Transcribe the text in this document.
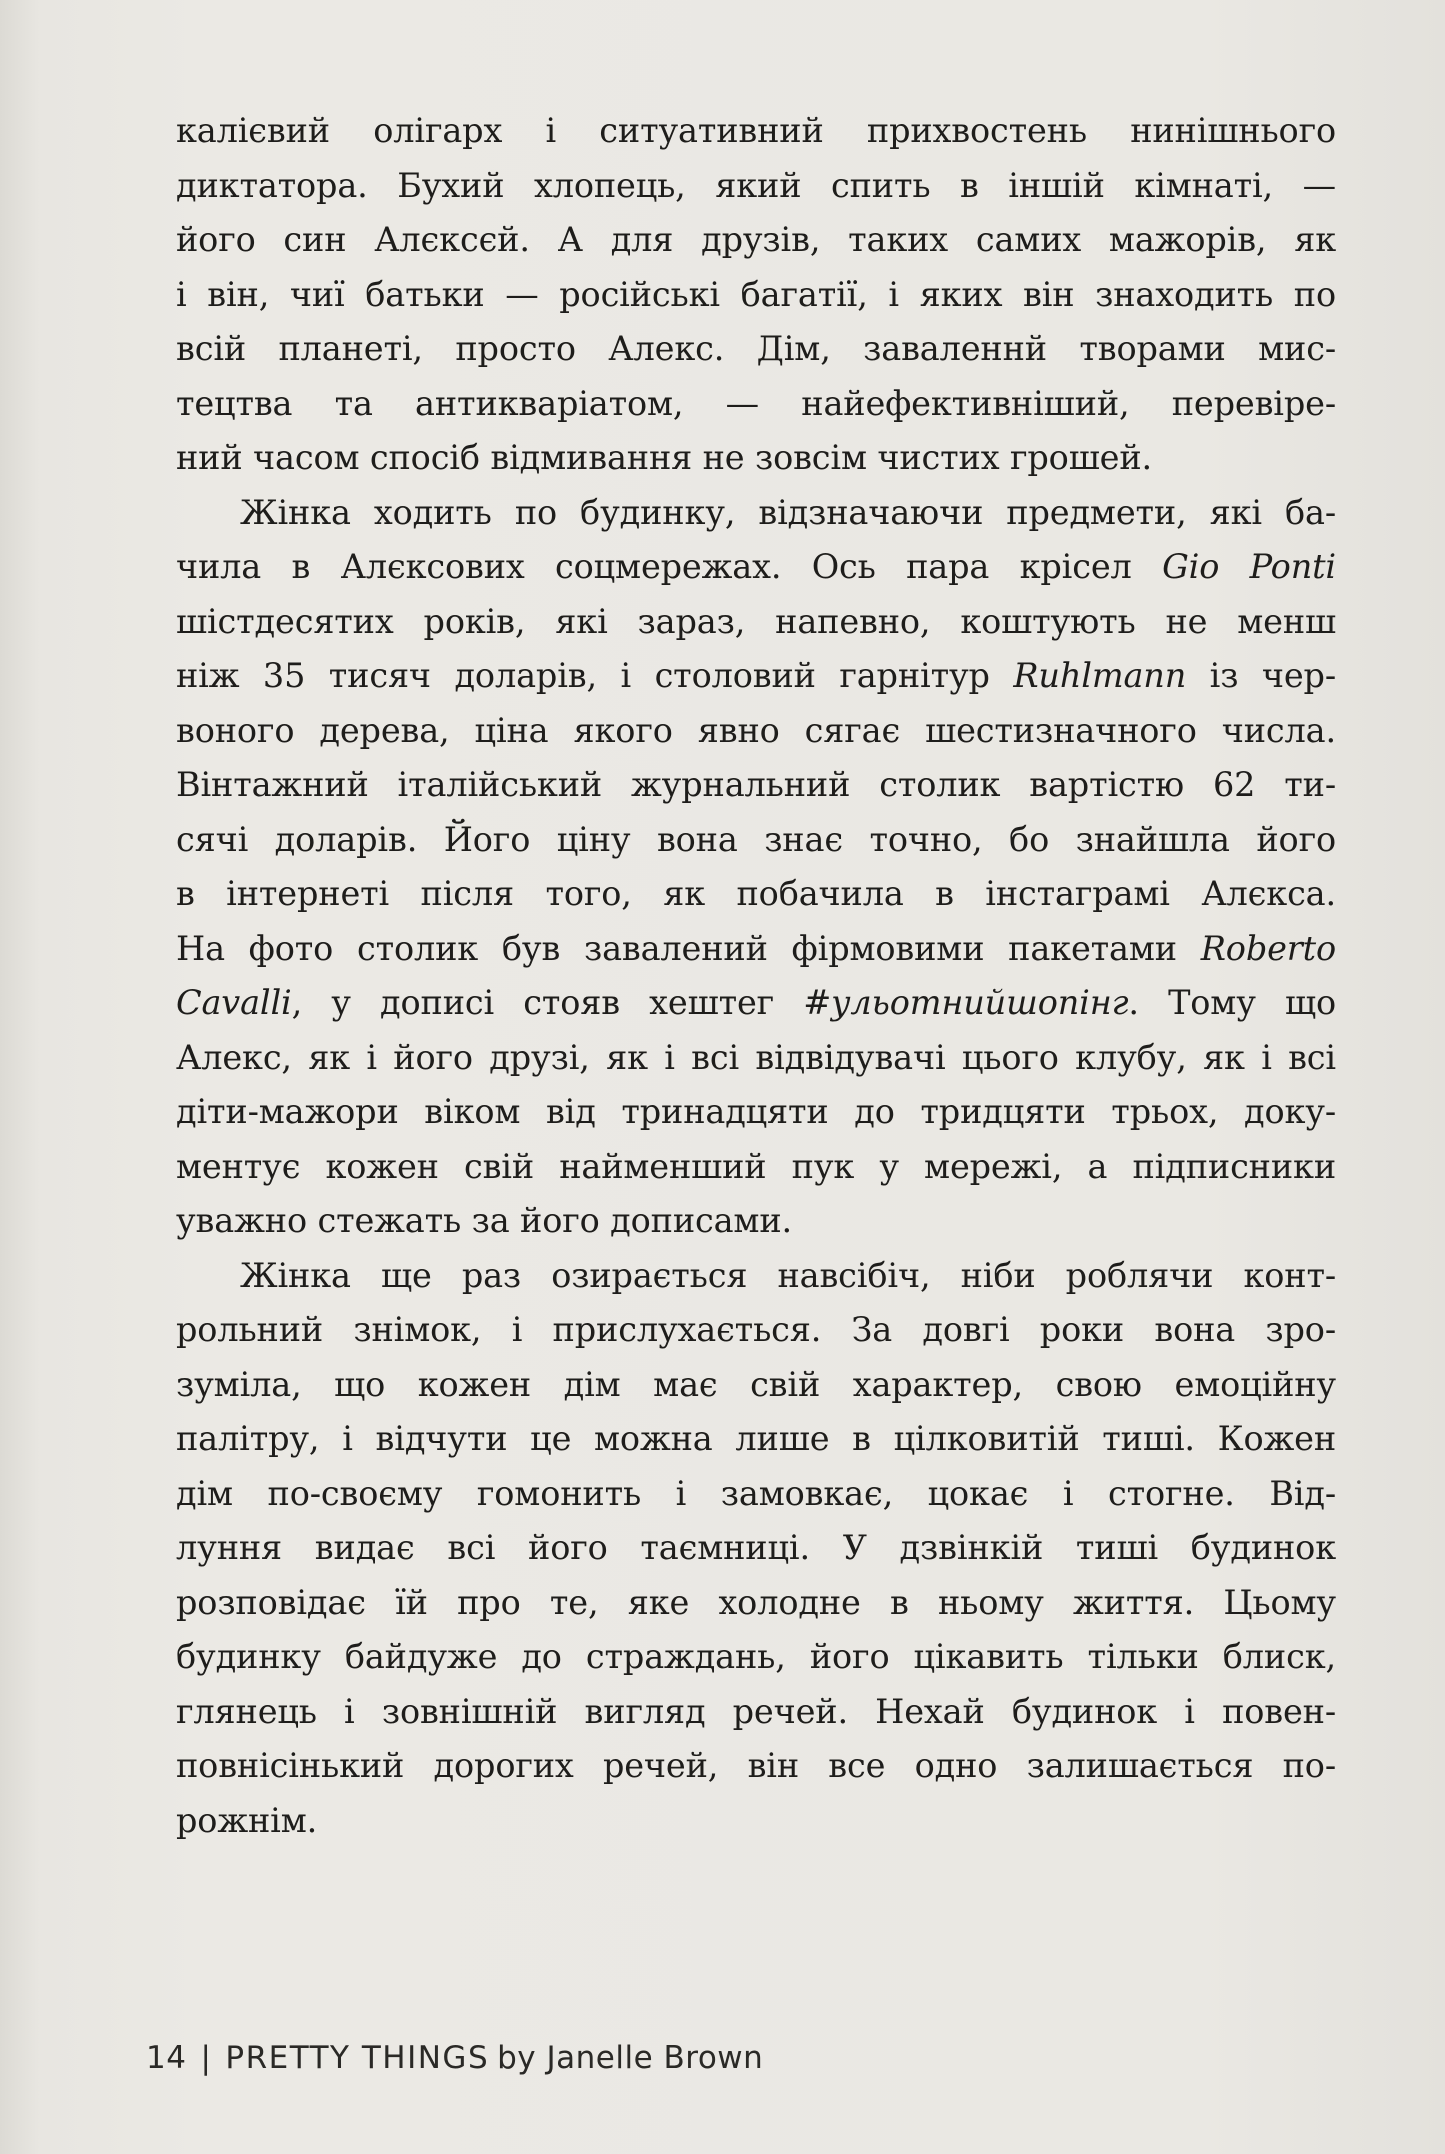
калієвий олігарх і ситуативний прихвостень нинішнього
диктатора. Бухий хлопець, який спить в іншій кімнаті, —
його син Алєксєй. А для друзів, таких самих мажорів, як
і він, чиї батьки — російські багатії, і яких він знаходить по
всій планеті, просто Алекс. Дім, заваленнй творами мис-
тецтва та антикваріатом, — найефективніший, перевіре-
ний часом спосіб відмивання не зовсім чистих грошей.

Жінка ходить по будинку, відзначаючи предмети, які ба-
чила в Алєксових соцмережах. Ось пара крісел Gio Ponti
шістдесятих років, які зараз, напевно, коштують не менш
ніж 35 тисяч доларів, і столовий гарнітур Ruhlmann із чер-
воного дерева, ціна якого явно сягає шестизначного числа.
Вінтажний італійський журнальний столик вартістю 62 ти-
сячі доларів. Його ціну вона знає точно, бо знайшла його
в інтернеті після того, як побачила в інстаграмі Алєкса.
На фото столик був завалений фірмовими пакетами Roberto
Cavalli, у дописі стояв хештег #ульотнийшопінг. Тому що
Алекс, як і його друзі, як і всі відвідувачі цього клубу, як і всі
діти-мажори віком від тринадцяти до тридцяти трьох, доку-
ментує кожен свій найменший пук у мережі, а підписники
уважно стежать за його дописами.

Жінка ще раз озирається навсібіч, ніби роблячи конт-
рольний знімок, і прислухається. За довгі роки вона зро-
зуміла, що кожен дім має свій характер, свою емоційну
палітру, і відчути це можна лише в цілковитій тиші. Кожен
дім по-своєму гомонить і замовкає, цокає і стогне. Від-
луння видає всі його таємниці. У дзвінкій тиші будинок
розповідає їй про те, яке холодне в ньому життя. Цьому
будинку байдуже до страждань, його цікавить тільки блиск,
глянець і зовнішній вигляд речей. Нехай будинок і повен-
повнісінький дорогих речей, він все одно залишається по-
рожнім.

14 | PRETTY THINGS by Janelle Brown
